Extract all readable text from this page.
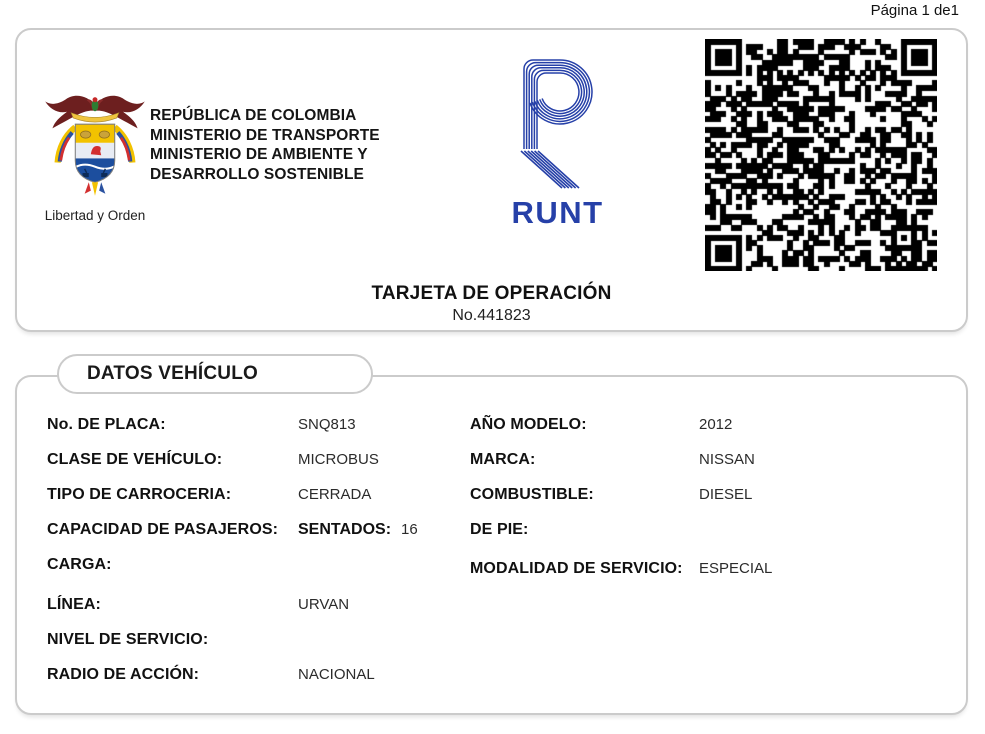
Página 1 de1
Libertad y Orden
REPÚBLICA DE COLOMBIA
MINISTERIO DE TRANSPORTE
MINISTERIO DE AMBIENTE Y
DESARROLLO SOSTENIBLE
RUNT
TARJETA DE OPERACIÓN
No.441823
DATOS VEHÍCULO
No. DE PLACA:	SNQ813
CLASE DE VEHÍCULO:	MICROBUS
TIPO DE CARROCERIA:	CERRADA
CAPACIDAD DE PASAJEROS:	SENTADOS: 16
CARGA:
LÍNEA:	URVAN
NIVEL DE SERVICIO:
RADIO DE ACCIÓN:	NACIONAL
AÑO MODELO:	2012
MARCA:	NISSAN
COMBUSTIBLE:	DIESEL
DE PIE:
MODALIDAD DE SERVICIO:	ESPECIAL
